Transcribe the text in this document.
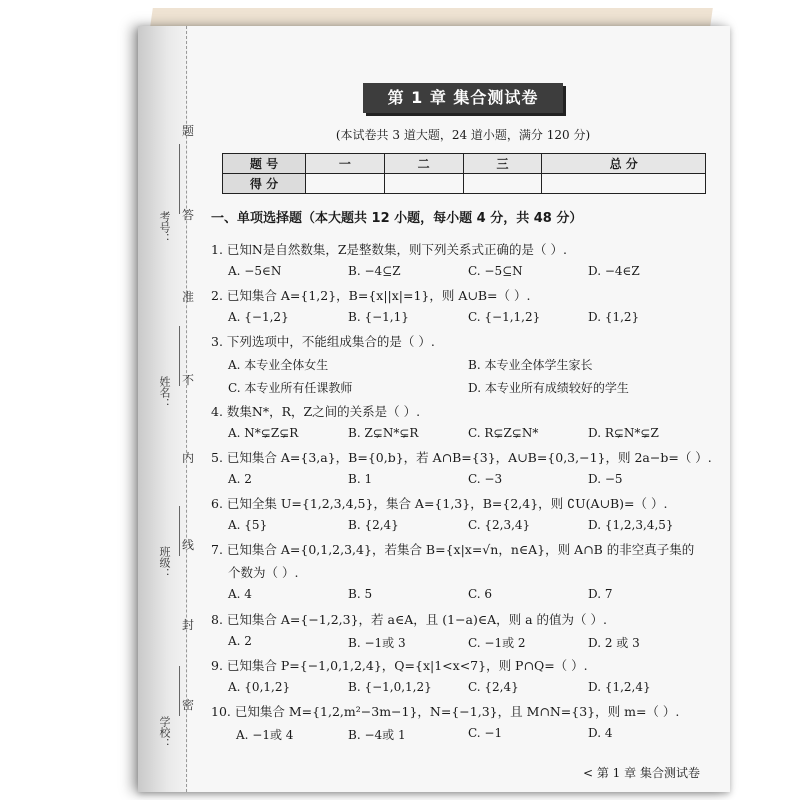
考号：
姓名：
班级：
学校：
题
答
准
不
内
线
封
密
第 1 章 集合测试卷
(本试卷共 3 道大题，24 道小题，满分 120 分)
题 号	一	二	三	总 分
得 分				
一、单项选择题（本大题共 12 小题，每小题 4 分，共 48 分）
1. 已知N是自然数集，Z是整数集，则下列关系式正确的是（ ）.
A. −5∈N	B. −4⊆Z	C. −5⊆N	D. −4∈Z
2. 已知集合 A={1,2}，B={x||x|=1}，则 A∪B=（ ）.
A. {−1,2}	B. {−1,1}	C. {−1,1,2}	D. {1,2}
3. 下列选项中，不能组成集合的是（ ）.
A. 本专业全体女生	B. 本专业全体学生家长
C. 本专业所有任课教师	D. 本专业所有成绩较好的学生
4. 数集N*，R，Z之间的关系是（ ）.
A. N*⊊Z⊊R	B. Z⊊N*⊊R	C. R⊊Z⊊N*	D. R⊊N*⊊Z
5. 已知集合 A={3,a}，B={0,b}，若 A∩B={3}，A∪B={0,3,−1}，则 2a−b=（ ）.
A. 2	B. 1	C. −3	D. −5
6. 已知全集 U={1,2,3,4,5}，集合 A={1,3}，B={2,4}，则 ∁U(A∪B)=（ ）.
A. {5}	B. {2,4}	C. {2,3,4}	D. {1,2,3,4,5}
7. 已知集合 A={0,1,2,3,4}，若集合 B={x|x=√n，n∈A}，则 A∩B 的非空真子集的
个数为（ ）.
A. 4	B. 5	C. 6	D. 7
8. 已知集合 A={−1,2,3}，若 a∈A，且 (1−a)∈A，则 a 的值为（ ）.
A. 2	B. −1或 3	C. −1或 2	D. 2 或 3
9. 已知集合 P={−1,0,1,2,4}，Q={x|1<x<7}，则 P∩Q=（ ）.
A. {0,1,2}	B. {−1,0,1,2}	C. {2,4}	D. {1,2,4}
10. 已知集合 M={1,2,m²−3m−1}，N={−1,3}，且 M∩N={3}，则 m=（ ）.
A. −1或 4	B. −4或 1	C. −1	D. 4
< 第 1 章 集合测试卷
